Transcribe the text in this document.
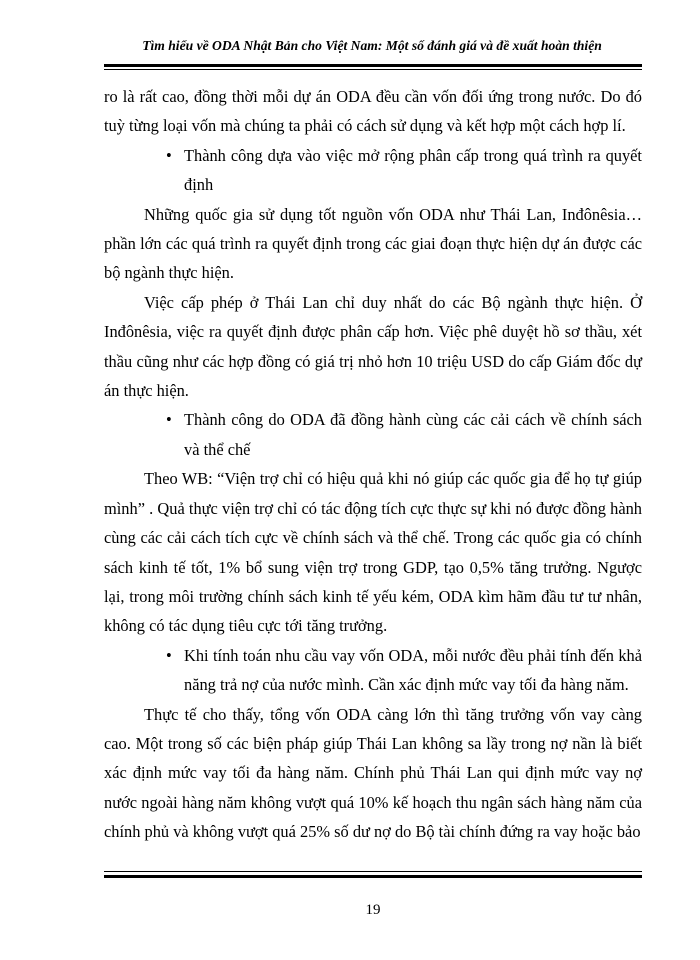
Tìm hiểu về ODA Nhật Bản cho Việt Nam: Một số đánh giá và đề xuất hoàn thiện

ro là rất cao, đồng thời mỗi dự án ODA đều cần vốn đối ứng trong nước. Do đó tuỳ từng loại vốn mà chúng ta phải có cách sử dụng và kết hợp một cách hợp lí.

• Thành công dựa vào việc mở rộng phân cấp trong quá trình ra quyết định

Những quốc gia sử dụng tốt nguồn vốn ODA như Thái Lan, Inđônêsia…phần lớn các quá trình ra quyết định trong các giai đoạn thực hiện dự án được các bộ ngành thực hiện.

Việc cấp phép ở Thái Lan chỉ duy nhất do các Bộ ngành thực hiện. Ở Inđônêsia, việc ra quyết định được phân cấp hơn. Việc phê duyệt hồ sơ thầu, xét thầu cũng như các hợp đồng có giá trị nhỏ hơn 10 triệu USD do cấp Giám đốc dự án thực hiện.

• Thành công do ODA đã đồng hành cùng các cải cách về chính sách và thể chế

Theo WB: “Viện trợ chỉ có hiệu quả khi nó giúp các quốc gia để họ tự giúp mình” . Quả thực viện trợ chỉ có tác động tích cực thực sự khi nó được đồng hành cùng các cải cách tích cực về chính sách và thể chế. Trong các quốc gia có chính sách kinh tế tốt, 1% bổ sung viện trợ trong GDP, tạo 0,5% tăng trưởng. Ngược lại, trong môi trường chính sách kinh tế yếu kém, ODA kìm hãm đầu tư tư nhân, không có tác dụng tiêu cực tới tăng trưởng.

• Khi tính toán nhu cầu vay vốn ODA, mỗi nước đều phải tính đến khả năng trả nợ của nước mình. Cần xác định mức vay tối đa hàng năm.

Thực tế cho thấy, tổng vốn ODA càng lớn thì tăng trưởng vốn vay càng cao. Một trong số các biện pháp giúp Thái Lan không sa lầy trong nợ nần là biết xác định mức vay tối đa hàng năm. Chính phủ Thái Lan qui định mức vay nợ nước ngoài hàng năm không vượt quá 10% kế hoạch thu ngân sách hàng năm của chính phủ và không vượt quá 25% số dư nợ do Bộ tài chính đứng ra vay hoặc bảo

19
